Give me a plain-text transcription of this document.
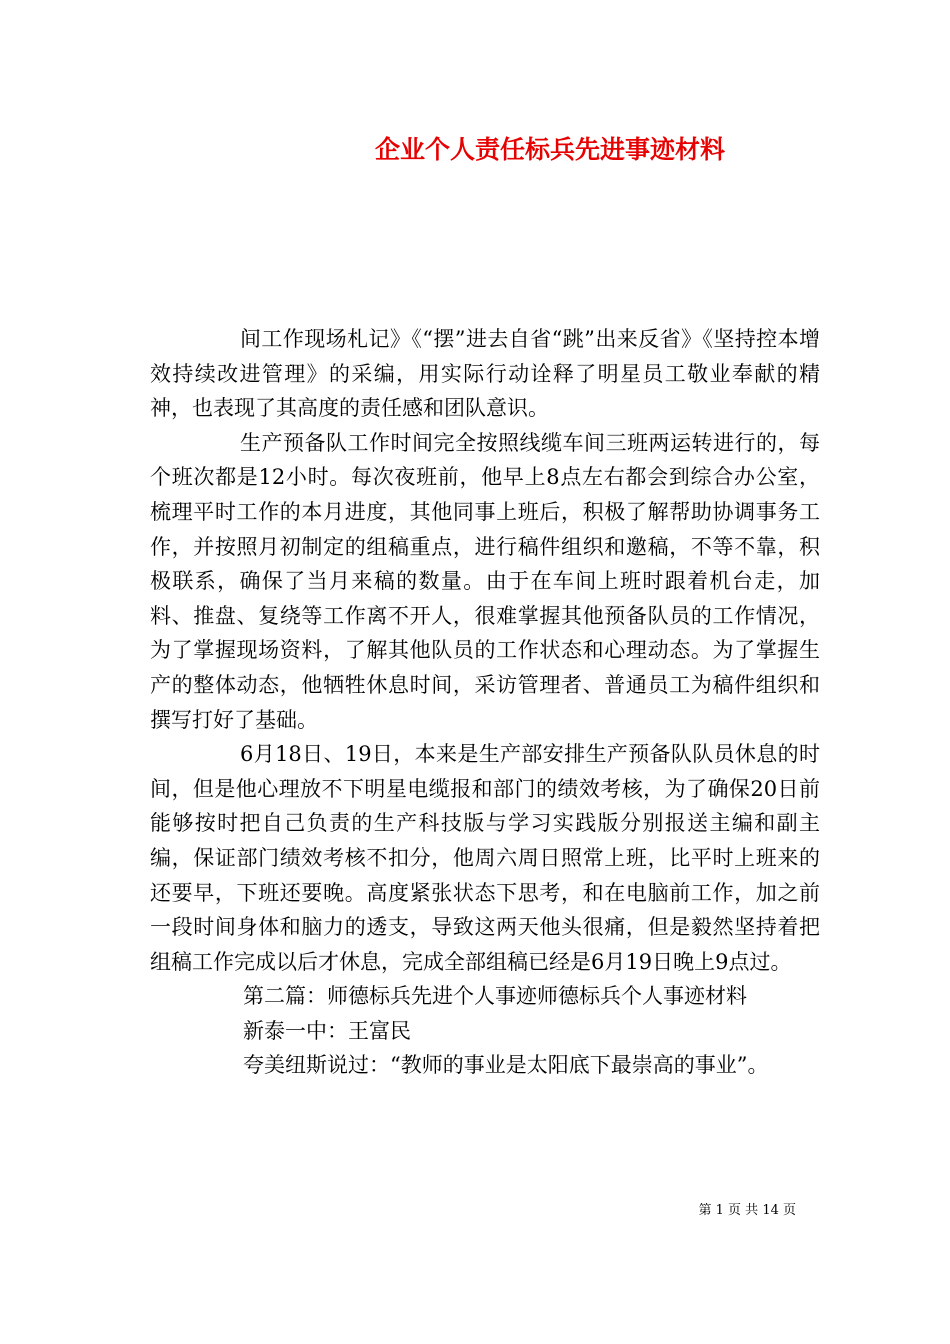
企业个人责任标兵先进事迹材料

间工作现场札记》《“摆”进去自省“跳”出来反省》《坚持控本增效持续改进管理》的采编，用实际行动诠释了明星员工敬业奉献的精神，也表现了其高度的责任感和团队意识。

生产预备队工作时间完全按照线缆车间三班两运转进行的，每个班次都是12小时。每次夜班前，他早上8点左右都会到综合办公室，梳理平时工作的本月进度，其他同事上班后，积极了解帮助协调事务工作，并按照月初制定的组稿重点，进行稿件组织和邀稿，不等不靠，积极联系，确保了当月来稿的数量。由于在车间上班时跟着机台走，加料、推盘、复绕等工作离不开人，很难掌握其他预备队员的工作情况，为了掌握现场资料，了解其他队员的工作状态和心理动态。为了掌握生产的整体动态，他牺牲休息时间，采访管理者、普通员工为稿件组织和撰写打好了基础。

6月18日、19日，本来是生产部安排生产预备队队员休息的时间，但是他心理放不下明星电缆报和部门的绩效考核，为了确保20日前能够按时把自己负责的生产科技版与学习实践版分别报送主编和副主编，保证部门绩效考核不扣分，他周六周日照常上班，比平时上班来的还要早，下班还要晚。高度紧张状态下思考，和在电脑前工作，加之前一段时间身体和脑力的透支，导致这两天他头很痛，但是毅然坚持着把组稿工作完成以后才休息，完成全部组稿已经是6月19日晚上9点过。

第二篇：师德标兵先进个人事迹师德标兵个人事迹材料

新泰一中：王富民

夸美纽斯说过：“教师的事业是太阳底下最崇高的事业”。

第 1 页 共 14 页
